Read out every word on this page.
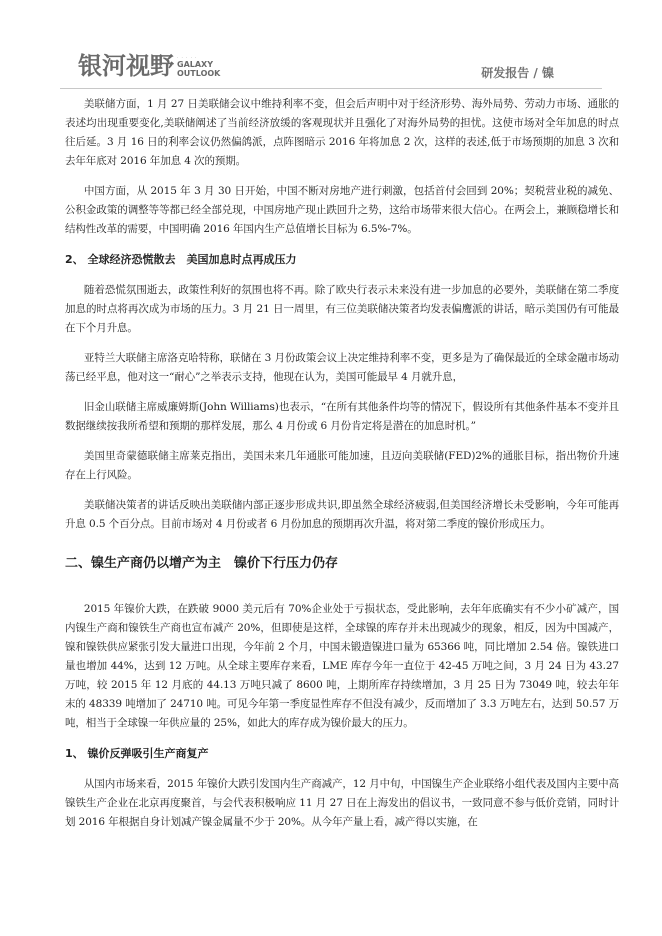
银河视野 · · · · ·
GALAXY
OUTLOOK	研发报告 / 镍

美联储方面，1 月 27 日美联储会议中维持利率不变，但会后声明中对于经济形势、海外局势、劳动力市场、通胀的表述均出现重要变化,美联储阐述了当前经济放缓的客观现状并且强化了对海外局势的担忧。这使市场对全年加息的时点往后延。3 月 16 日的利率会议仍然偏鸽派，点阵图暗示 2016 年将加息 2 次，这样的表述,低于市场预期的加息 3 次和去年年底对 2016 年加息 4 次的预期。

中国方面，从 2015 年 3 月 30 日开始，中国不断对房地产进行刺激，包括首付会回到 20%；契税营业税的减免、公积金政策的调整等等都已经全部兑现，中国房地产现止跌回升之势，这给市场带来很大信心。在两会上，兼顾稳增长和结构性改革的需要，中国明确 2016 年国内生产总值增长目标为 6.5%-7%。

2、 全球经济恐慌散去　美国加息时点再成压力

随着恐慌氛围逝去，政策性利好的氛围也将不再。除了欧央行表示未来没有进一步加息的必要外，美联储在第二季度加息的时点将再次成为市场的压力。3 月 21 日一周里，有三位美联储决策者均发表偏鹰派的讲话，暗示美国仍有可能最在下个月升息。

亚特兰大联储主席洛克哈特称，联储在 3 月份政策会议上决定维持利率不变，更多是为了确保最近的全球金融市场动荡已经平息，他对这一“耐心”之举表示支持，他现在认为，美国可能最早 4 月就升息，

旧金山联储主席威廉姆斯(John Williams)也表示，“在所有其他条件均等的情况下，假设所有其他条件基本不变并且数据继续按我所希望和预期的那样发展，那么 4 月份或 6 月份肯定将是潜在的加息时机。”

美国里奇蒙德联储主席莱克指出，美国未来几年通胀可能加速，且迈向美联储(FED)2%的通胀目标，指出物价升速存在上行风险。

美联储决策者的讲话反映出美联储内部正逐步形成共识,即虽然全球经济疲弱,但美国经济增长未受影响，今年可能再升息 0.5 个百分点。目前市场对 4 月份或者 6 月份加息的预期再次升温，将对第二季度的镍价形成压力。

二、镍生产商仍以增产为主　镍价下行压力仍存

2015 年镍价大跌，在跌破 9000 美元后有 70%企业处于亏损状态，受此影响，去年年底确实有不少小矿减产，国内镍生产商和镍铁生产商也宣布减产 20%，但即使是这样，全球镍的库存并未出现减少的现象，相反，因为中国减产，镍和镍铁供应紧张引发大量进口出现，今年前 2 个月，中国未锻造镍进口量为 65366 吨，同比增加 2.54 倍。镍铁进口量也增加 44%，达到 12 万吨。从全球主要库存来看，LME 库存今年一直位于 42-45 万吨之间，3 月 24 日为 43.27 万吨，较 2015 年 12 月底的 44.13 万吨只减了 8600 吨，上期所库存持续增加，3 月 25 日为 73049 吨，较去年年末的 48339 吨增加了 24710 吨。可见今年第一季度显性库存不但没有减少，反而增加了 3.3 万吨左右，达到 50.57 万吨，相当于全球镍一年供应量的 25%，如此大的库存成为镍价最大的压力。

1、 镍价反弹吸引生产商复产

从国内市场来看，2015 年镍价大跌引发国内生产商减产，12 月中旬，中国镍生产企业联络小组代表及国内主要中高镍铁生产企业在北京再度聚首，与会代表积极响应 11 月 27 日在上海发出的倡议书，一致同意不参与低价竞销，同时计划 2016 年根据自身计划减产镍金属量不少于 20%。从今年产量上看，减产得以实施，在
